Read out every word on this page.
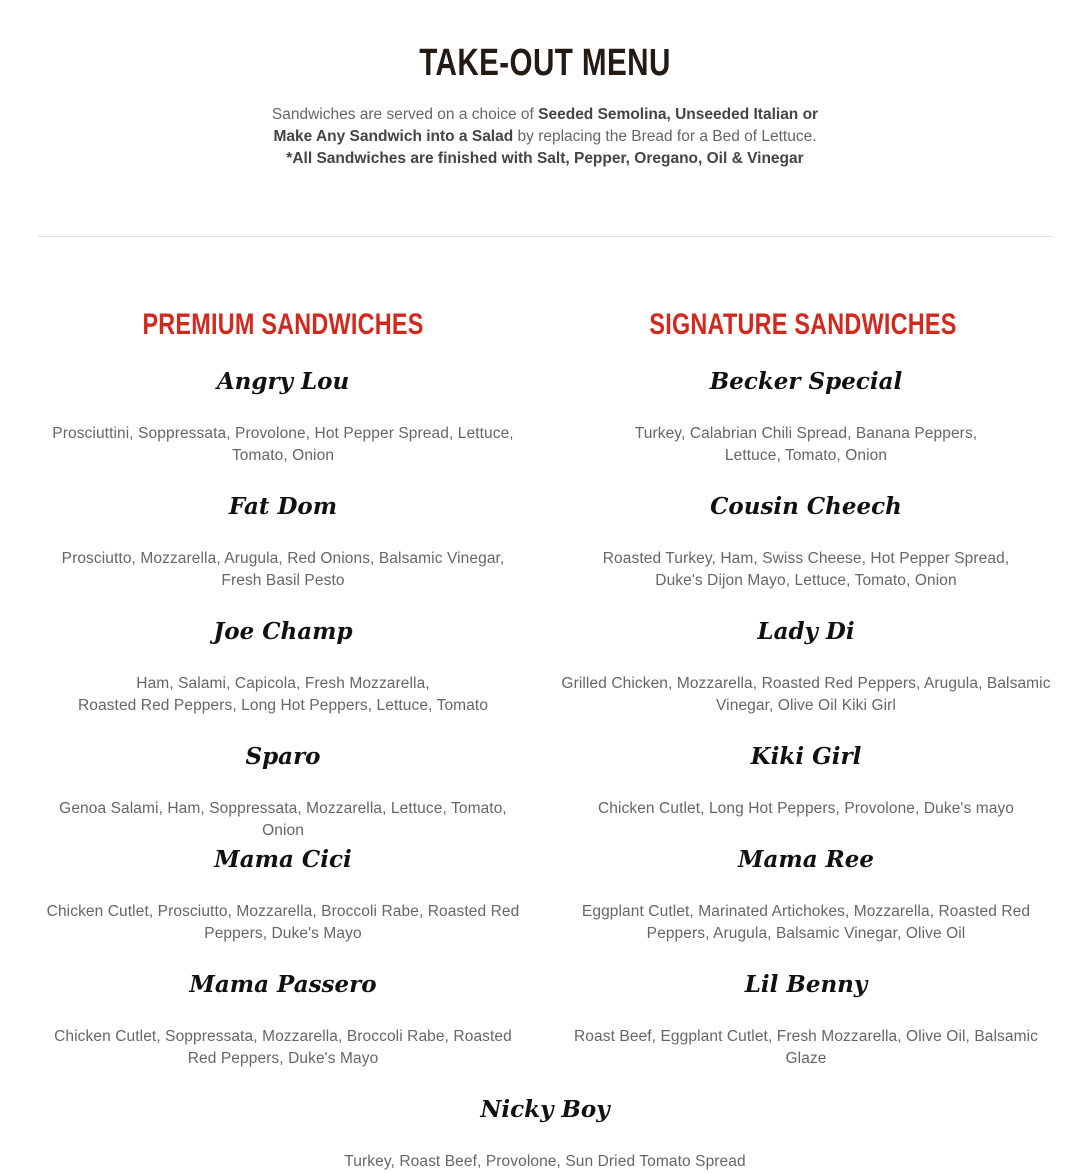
TAKE-OUT MENU
Sandwiches are served on a choice of Seeded Semolina, Unseeded Italian or
Make Any Sandwich into a Salad by replacing the Bread for a Bed of Lettuce.
*All Sandwiches are finished with Salt, Pepper, Oregano, Oil & Vinegar
PREMIUM SANDWICHES	SIGNATURE SANDWICHES
Angry Lou
Prosciuttini, Soppressata, Provolone, Hot Pepper Spread, Lettuce, Tomato, Onion
Fat Dom
Prosciutto, Mozzarella, Arugula, Red Onions, Balsamic Vinegar, Fresh Basil Pesto
Joe Champ
Ham, Salami, Capicola, Fresh Mozzarella,
Roasted Red Peppers, Long Hot Peppers, Lettuce, Tomato
Sparo
Genoa Salami, Ham, Soppressata, Mozzarella, Lettuce, Tomato, Onion
Mama Cici
Chicken Cutlet, Prosciutto, Mozzarella, Broccoli Rabe, Roasted Red Peppers, Duke's Mayo
Mama Passero
Chicken Cutlet, Soppressata, Mozzarella, Broccoli Rabe, Roasted Red Peppers, Duke's Mayo
Becker Special
Turkey, Calabrian Chili Spread, Banana Peppers,
Lettuce, Tomato, Onion
Cousin Cheech
Roasted Turkey, Ham, Swiss Cheese, Hot Pepper Spread,
Duke's Dijon Mayo, Lettuce, Tomato, Onion
Lady Di
Grilled Chicken, Mozzarella, Roasted Red Peppers, Arugula, Balsamic Vinegar, Olive Oil Kiki Girl
Kiki Girl
Chicken Cutlet, Long Hot Peppers, Provolone, Duke's mayo
Mama Ree
Eggplant Cutlet, Marinated Artichokes, Mozzarella, Roasted Red Peppers, Arugula, Balsamic Vinegar, Olive Oil
Lil Benny
Roast Beef, Eggplant Cutlet, Fresh Mozzarella, Olive Oil, Balsamic Glaze
Nicky Boy
Turkey, Roast Beef, Provolone, Sun Dried Tomato Spread
